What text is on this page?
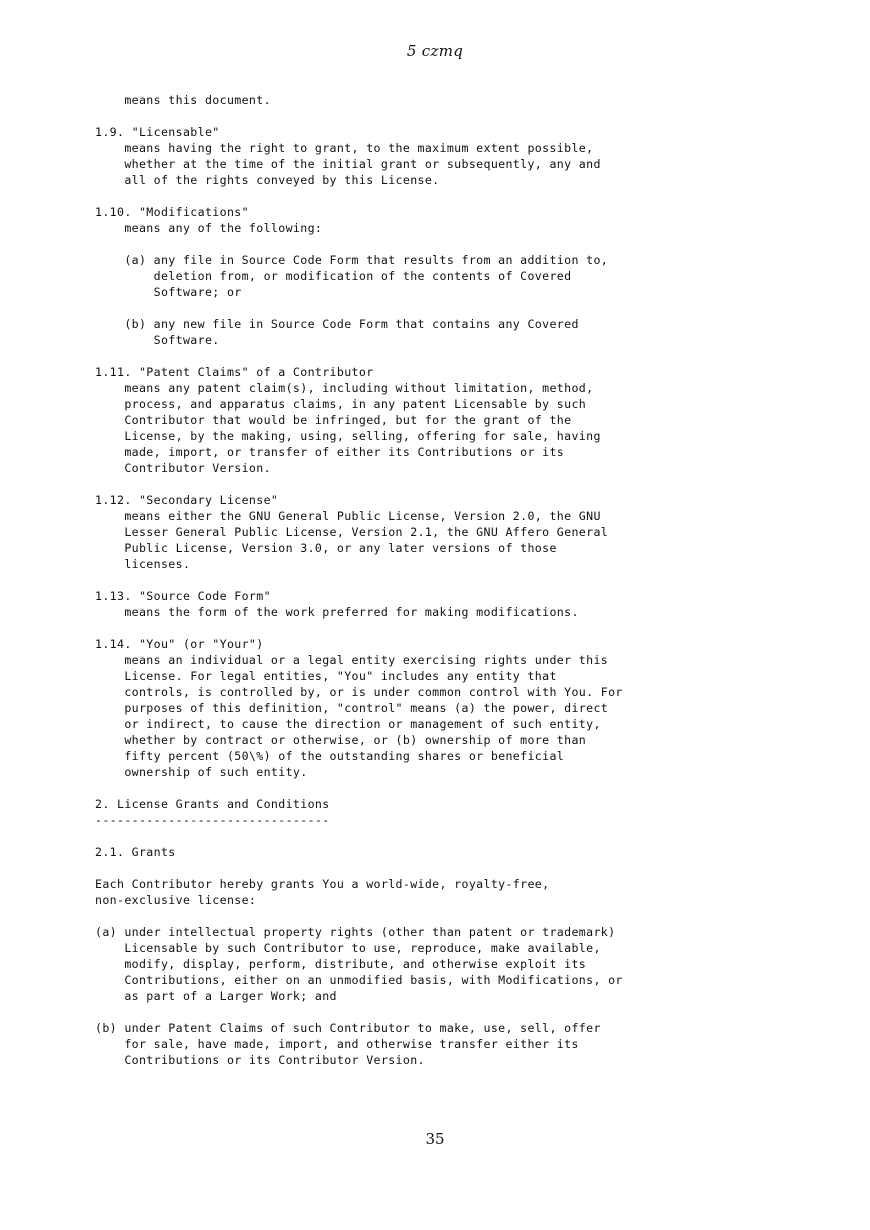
5 czmq
means this document.

1.9. "Licensable"
means having the right to grant, to the maximum extent possible,
whether at the time of the initial grant or subsequently, any and
all of the rights conveyed by this License.

1.10. "Modifications"
means any of the following:

(a) any file in Source Code Form that results from an addition to,
deletion from, or modification of the contents of Covered
Software; or

(b) any new file in Source Code Form that contains any Covered
Software.

1.11. "Patent Claims" of a Contributor
means any patent claim(s), including without limitation, method,
process, and apparatus claims, in any patent Licensable by such
Contributor that would be infringed, but for the grant of the
License, by the making, using, selling, offering for sale, having
made, import, or transfer of either its Contributions or its
Contributor Version.

1.12. "Secondary License"
means either the GNU General Public License, Version 2.0, the GNU
Lesser General Public License, Version 2.1, the GNU Affero General
Public License, Version 3.0, or any later versions of those
licenses.

1.13. "Source Code Form"
means the form of the work preferred for making modifications.

1.14. "You" (or "Your")
means an individual or a legal entity exercising rights under this
License. For legal entities, "You" includes any entity that
controls, is controlled by, or is under common control with You. For
purposes of this definition, "control" means (a) the power, direct
or indirect, to cause the direction or management of such entity,
whether by contract or otherwise, or (b) ownership of more than
fifty percent (50\%) of the outstanding shares or beneficial
ownership of such entity.

2. License Grants and Conditions
--------------------------------

2.1. Grants

Each Contributor hereby grants You a world-wide, royalty-free,
non-exclusive license:

(a) under intellectual property rights (other than patent or trademark)
Licensable by such Contributor to use, reproduce, make available,
modify, display, perform, distribute, and otherwise exploit its
Contributions, either on an unmodified basis, with Modifications, or
as part of a Larger Work; and

(b) under Patent Claims of such Contributor to make, use, sell, offer
for sale, have made, import, and otherwise transfer either its
Contributions or its Contributor Version.
35
